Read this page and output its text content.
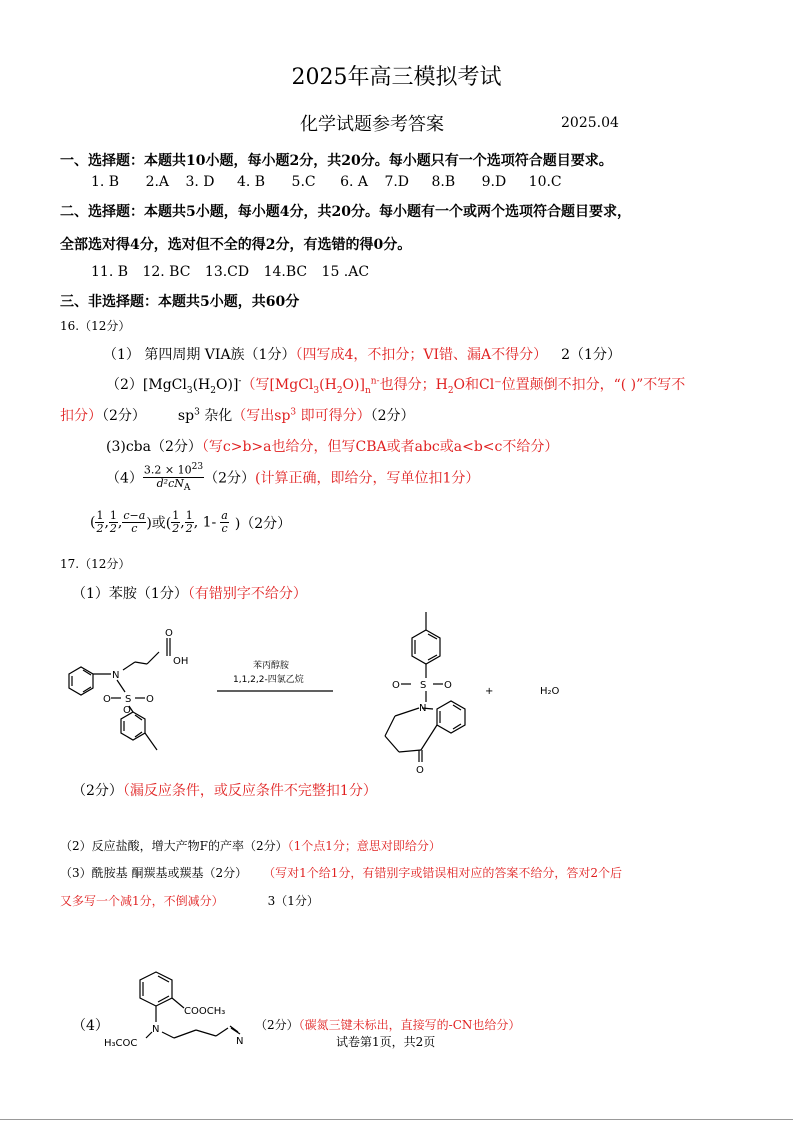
2025年高三模拟考试
化学试题参考答案	2025.04
一、选择题：本题共10小题，每小题2分，共20分。每小题只有一个选项符合题目要求。
1. B 2.A 3. D 4. B 5.C 6. A 7.D 8.B 9.D 10.C
二、选择题：本题共5小题，每小题4分，共20分。每小题有一个或两个选项符合题目要求，
全部选对得4分，选对但不全的得2分，有选错的得0分。
11. B 12. BC 13.CD 14.BC 15 .AC
三、非选择题：本题共5小题，共60分
16.（12分）
（1） 第四周期 VIA族（1分）（四写成4，不扣分；VI错、漏A不得分） 2（1分）
$(2)[MgCl_3(H_2O)]^-$（写$[MgCl_3(H_2O)]_n^{n-}$也得分；$H_2O$和Cl⁻位置颠倒不扣分，“( )”不写不
扣分）（2分） $sp^3$ 杂化（写出$sp^3$ 即可得分）（2分）
(3)cba（2分）（写c>b>a也给分，但写CBA或者abc或a<b<c不给分）
$(4) \frac{3.2 \times 10^{23}}{d^2cN_A} (2$分）(计算正确，即给分，写单位扣1分）
( $\frac{1}{2}$ , $\frac{1}{2}$ , $\frac{c-a}{c}$ )或( $\frac{1}{2}$ , $\frac{1}{2}$ , $1- \frac{a}{c} )(2$分）
17.（12分）
（1）苯胺（1分）（有错别字不给分）
N
S
O	O
O
O
OH	苯丙醇胺
1,1,2,2-四氯乙烷	S
O	O
N
O
+	H₂O
（2分）（漏反应条件，或反应条件不完整扣1分）
（2）反应盐酸，增大产物F的产率（2分）（1个点1分；意思对即给分）
（3）酰胺基 酮羰基或羰基（2分） （写对1个给1分，有错别字或错误相对应的答案不给分，答对2个后
又多写一个减1分，不倒减分）	3（1分）
（4）
COOCH₃
N
H₃COC	N
（2分）（碳氮三键未标出，直接写的-CN也给分）
试卷第1页，共2页
